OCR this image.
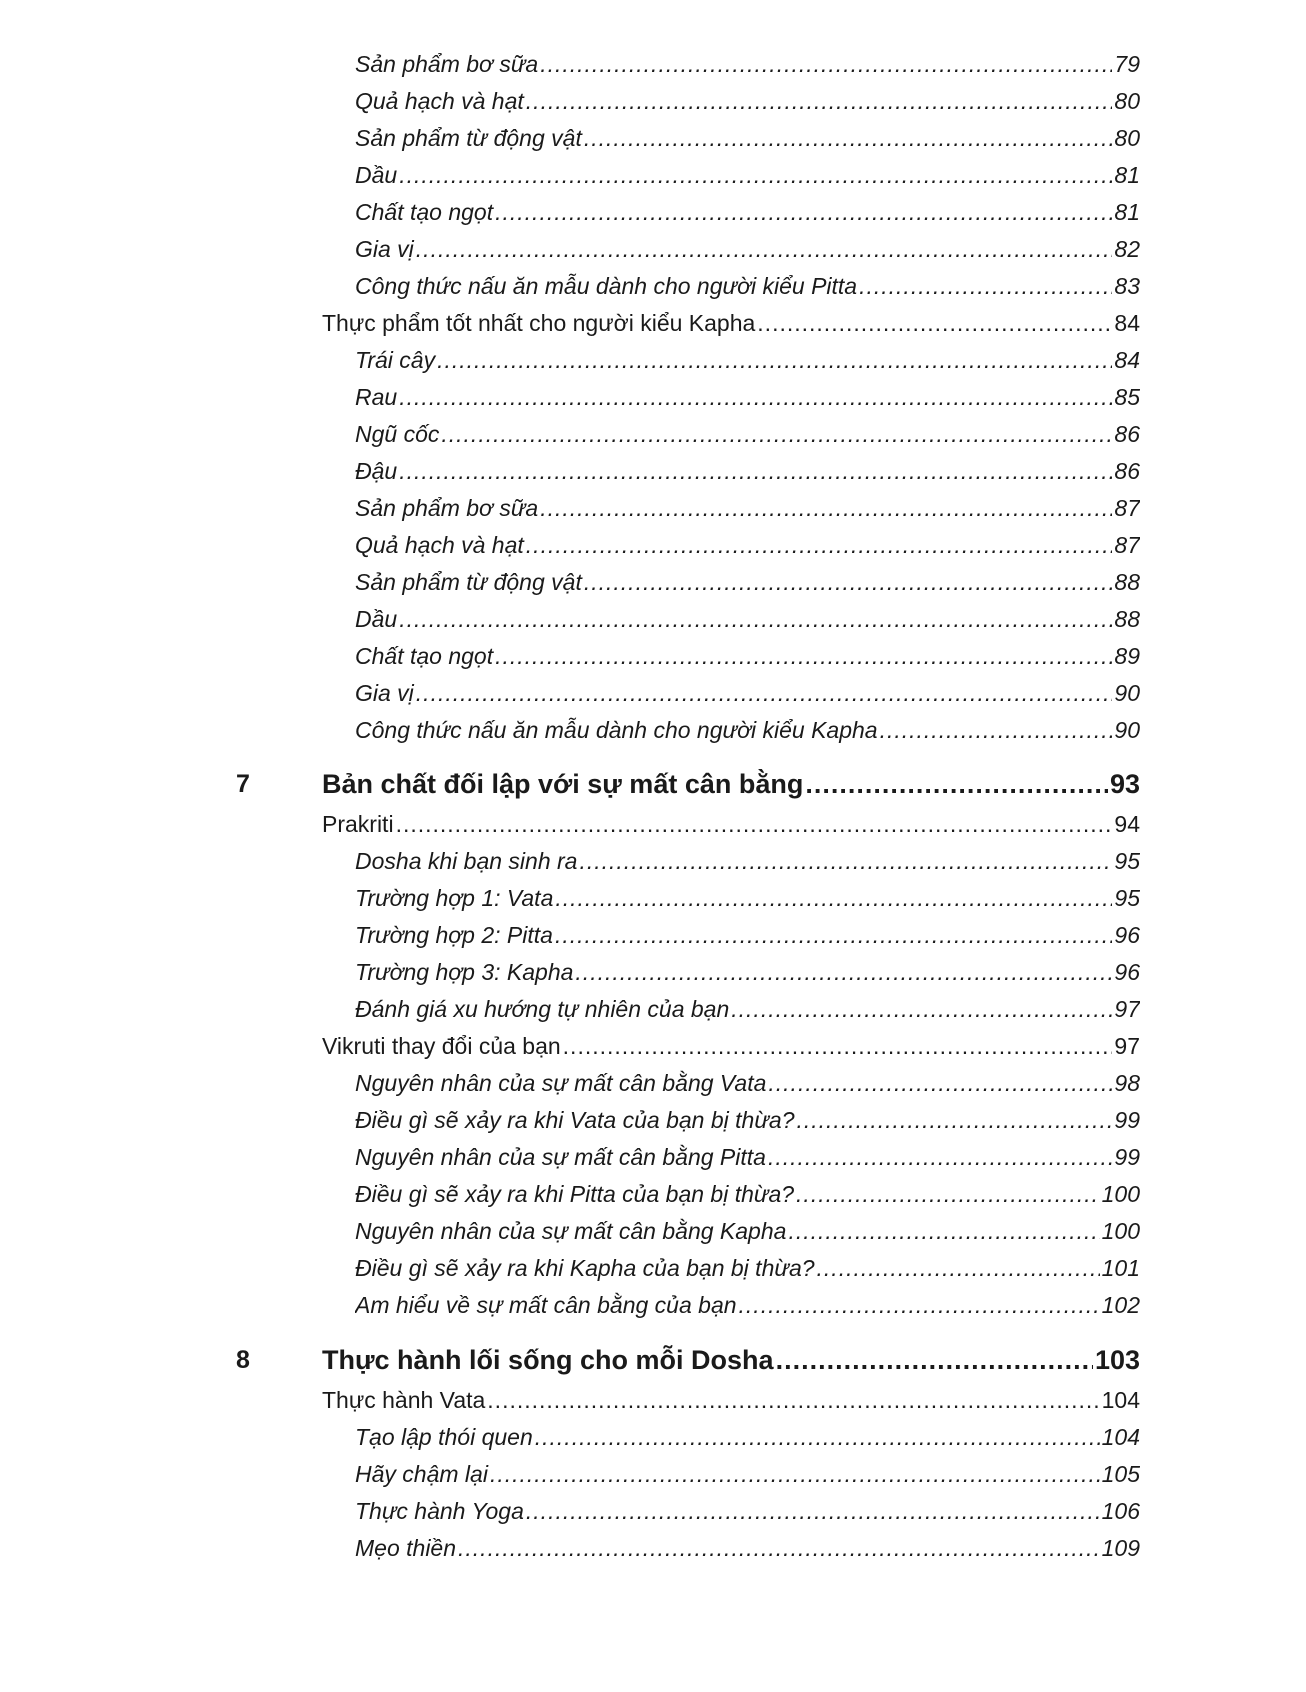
Sản phẩm bơ sữa .....	79
Quả hạch và hạt .....	80
Sản phẩm từ động vật .....	80
Dầu .....	81
Chất tạo ngọt .....	81
Gia vị .....	82
Công thức nấu ăn mẫu dành cho người kiểu Pitta .....	83
Thực phẩm tốt nhất cho người kiểu Kapha .....	84
Trái cây .....	84
Rau .....	85
Ngũ cốc .....	86
Đậu .....	86
Sản phẩm bơ sữa .....	87
Quả hạch và hạt .....	87
Sản phẩm từ động vật .....	88
Dầu .....	88
Chất tạo ngọt .....	89
Gia vị .....	90
Công thức nấu ăn mẫu dành cho người kiểu Kapha .....	90
7	Bản chất đối lập với sự mất cân bằng .....	93
Prakriti .....	94
Dosha khi bạn sinh ra .....	95
Trường hợp 1: Vata .....	95
Trường hợp 2: Pitta .....	96
Trường hợp 3: Kapha .....	96
Đánh giá xu hướng tự nhiên của bạn .....	97
Vikruti thay đổi của bạn .....	97
Nguyên nhân của sự mất cân bằng Vata .....	98
Điều gì sẽ xảy ra khi Vata của bạn bị thừa? .....	99
Nguyên nhân của sự mất cân bằng Pitta .....	99
Điều gì sẽ xảy ra khi Pitta của bạn bị thừa? .....	100
Nguyên nhân của sự mất cân bằng Kapha .....	100
Điều gì sẽ xảy ra khi Kapha của bạn bị thừa? .....	101
Am hiểu về sự mất cân bằng của bạn .....	102
8	Thực hành lối sống cho mỗi Dosha .....	103
Thực hành Vata .....	104
Tạo lập thói quen .....	104
Hãy chậm lại .....	105
Thực hành Yoga .....	106
Mẹo thiền .....	109
